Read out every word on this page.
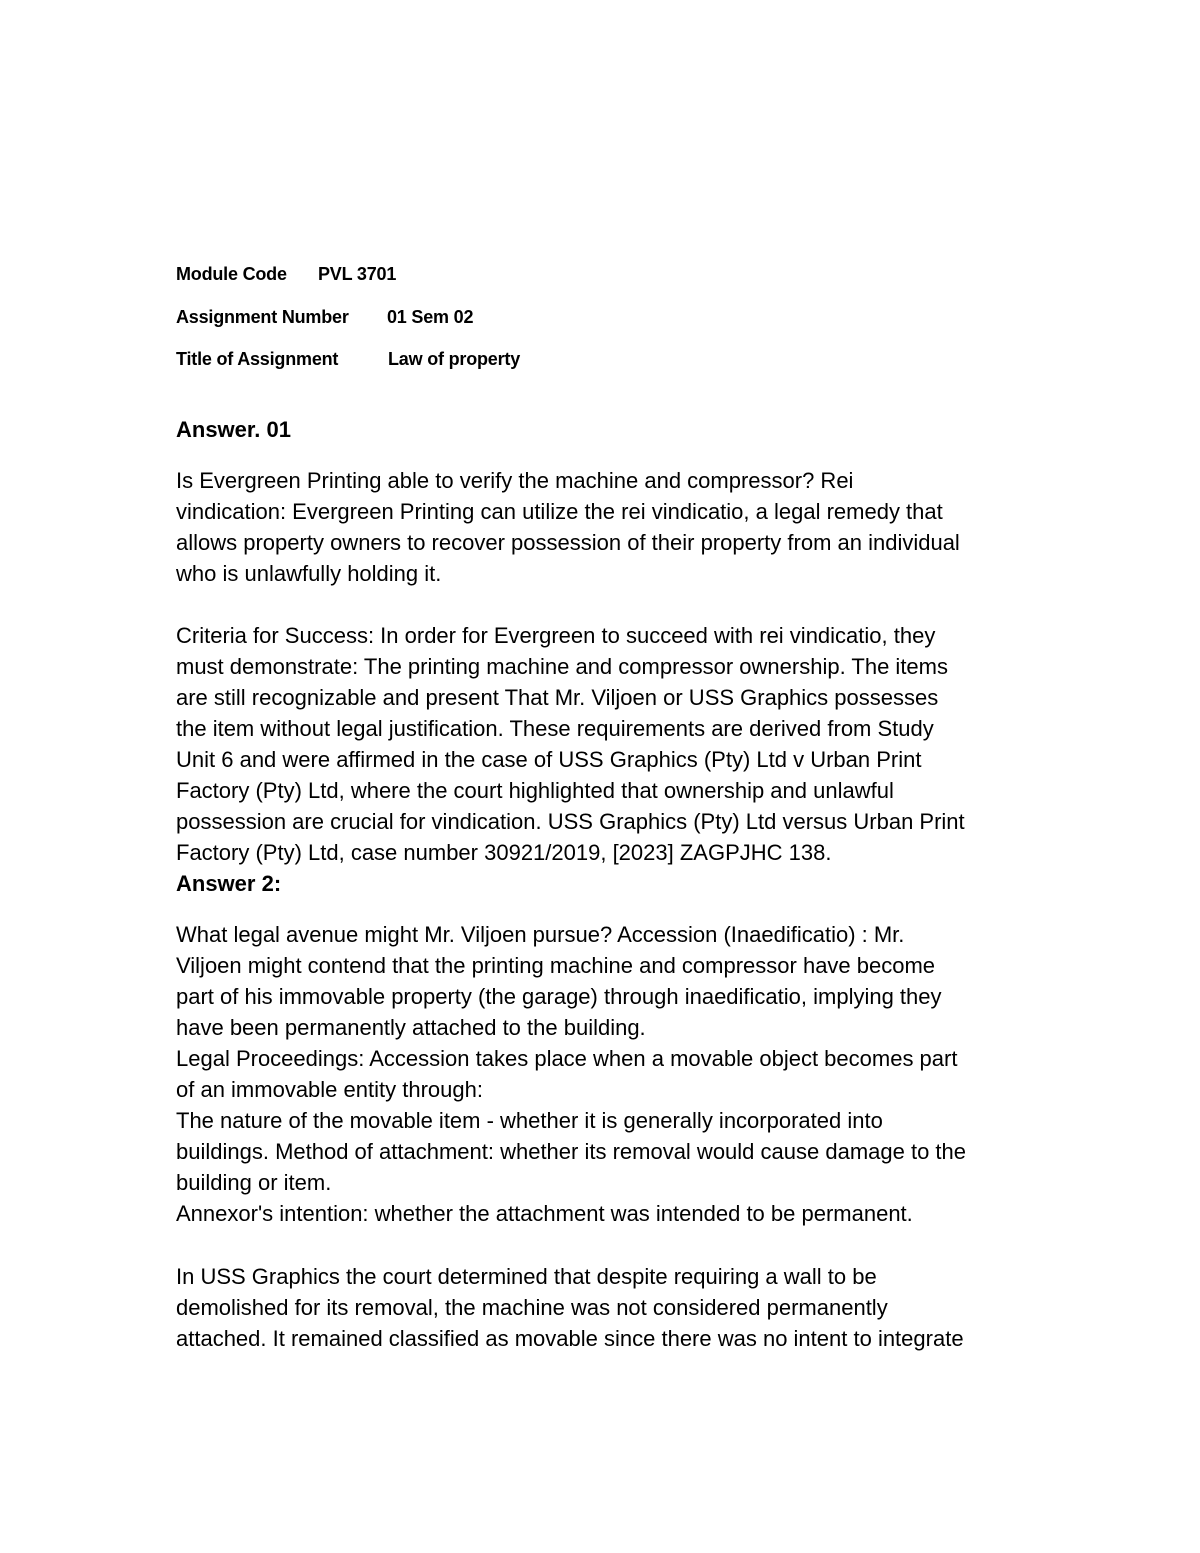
Module Code PVL 3701
Assignment Number 01 Sem 02
Title of Assignment	Law of property
Answer. 01
Is Evergreen Printing able to verify the machine and compressor? Rei
vindication: Evergreen Printing can utilize the rei vindicatio, a legal remedy that
allows property owners to recover possession of their property from an individual
who is unlawfully holding it.
Criteria for Success: In order for Evergreen to succeed with rei vindicatio, they
must demonstrate: The printing machine and compressor ownership. The items
are still recognizable and present That Mr. Viljoen or USS Graphics possesses
the item without legal justification. These requirements are derived from Study
Unit 6 and were affirmed in the case of USS Graphics (Pty) Ltd v Urban Print
Factory (Pty) Ltd, where the court highlighted that ownership and unlawful
possession are crucial for vindication. USS Graphics (Pty) Ltd versus Urban Print
Factory (Pty) Ltd, case number 30921/2019, [2023] ZAGPJHC 138.
Answer 2:
What legal avenue might Mr. Viljoen pursue? Accession (Inaedificatio) : Mr.
Viljoen might contend that the printing machine and compressor have become
part of his immovable property (the garage) through inaedificatio, implying they
have been permanently attached to the building.
Legal Proceedings: Accession takes place when a movable object becomes part
of an immovable entity through:
The nature of the movable item - whether it is generally incorporated into
buildings. Method of attachment: whether its removal would cause damage to the
building or item.
Annexor's intention: whether the attachment was intended to be permanent.
In USS Graphics the court determined that despite requiring a wall to be
demolished for its removal, the machine was not considered permanently
attached. It remained classified as movable since there was no intent to integrate
